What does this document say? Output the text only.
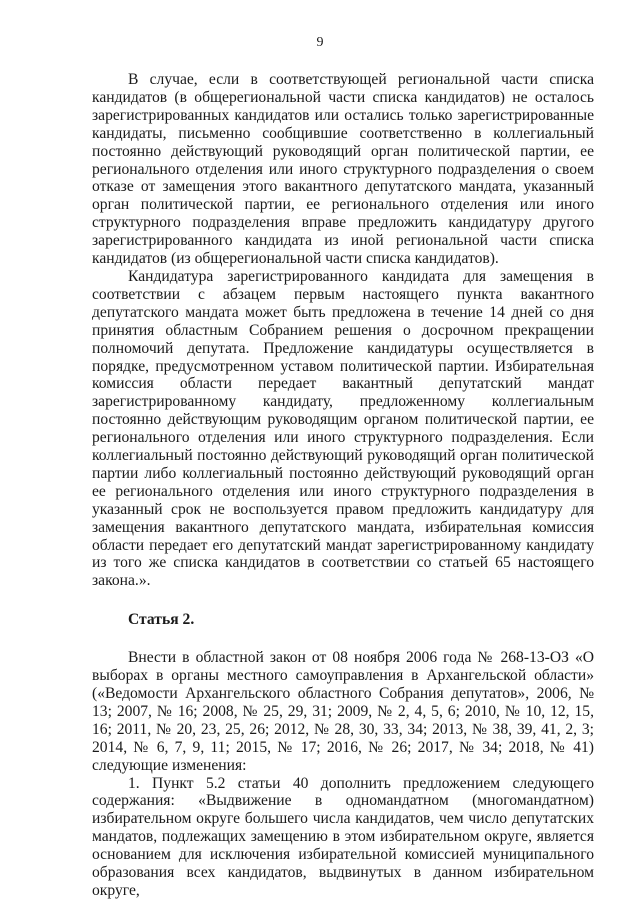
9

В случае, если в соответствующей региональной части списка кандидатов (в общерегиональной части списка кандидатов) не осталось зарегистрированных кандидатов или остались только зарегистрированные кандидаты, письменно сообщившие соответственно в коллегиальный постоянно действующий руководящий орган политической партии, ее регионального отделения или иного структурного подразделения о своем отказе от замещения этого вакантного депутатского мандата, указанный орган политической партии, ее регионального отделения или иного структурного подразделения вправе предложить кандидатуру другого зарегистрированного кандидата из иной региональной части списка кандидатов (из общерегиональной части списка кандидатов).

Кандидатура зарегистрированного кандидата для замещения в соответствии с абзацем первым настоящего пункта вакантного депутатского мандата может быть предложена в течение 14 дней со дня принятия областным Собранием решения о досрочном прекращении полномочий депутата. Предложение кандидатуры осуществляется в порядке, предусмотренном уставом политической партии. Избирательная комиссия области передает вакантный депутатский мандат зарегистрированному кандидату, предложенному коллегиальным постоянно действующим руководящим органом политической партии, ее регионального отделения или иного структурного подразделения. Если коллегиальный постоянно действующий руководящий орган политической партии либо коллегиальный постоянно действующий руководящий орган ее регионального отделения или иного структурного подразделения в указанный срок не воспользуется правом предложить кандидатуру для замещения вакантного депутатского мандата, избирательная комиссия области передает его депутатский мандат зарегистрированному кандидату из того же списка кандидатов в соответствии со статьей 65 настоящего закона.».

Статья 2.

Внести в областной закон от 08 ноября 2006 года № 268-13-ОЗ «О выборах в органы местного самоуправления в Архангельской области» («Ведомости Архангельского областного Собрания депутатов», 2006, № 13; 2007, № 16; 2008, № 25, 29, 31; 2009, № 2, 4, 5, 6; 2010, № 10, 12, 15, 16; 2011, № 20, 23, 25, 26; 2012, № 28, 30, 33, 34; 2013, № 38, 39, 41, 2, 3; 2014, № 6, 7, 9, 11; 2015, № 17; 2016, № 26; 2017, № 34; 2018, № 41) следующие изменения:

1. Пункт 5.2 статьи 40 дополнить предложением следующего содержания: «Выдвижение в одномандатном (многомандатном) избирательном округе большего числа кандидатов, чем число депутатских мандатов, подлежащих замещению в этом избирательном округе, является основанием для исключения избирательной комиссией муниципального образования всех кандидатов, выдвинутых в данном избирательном округе,
